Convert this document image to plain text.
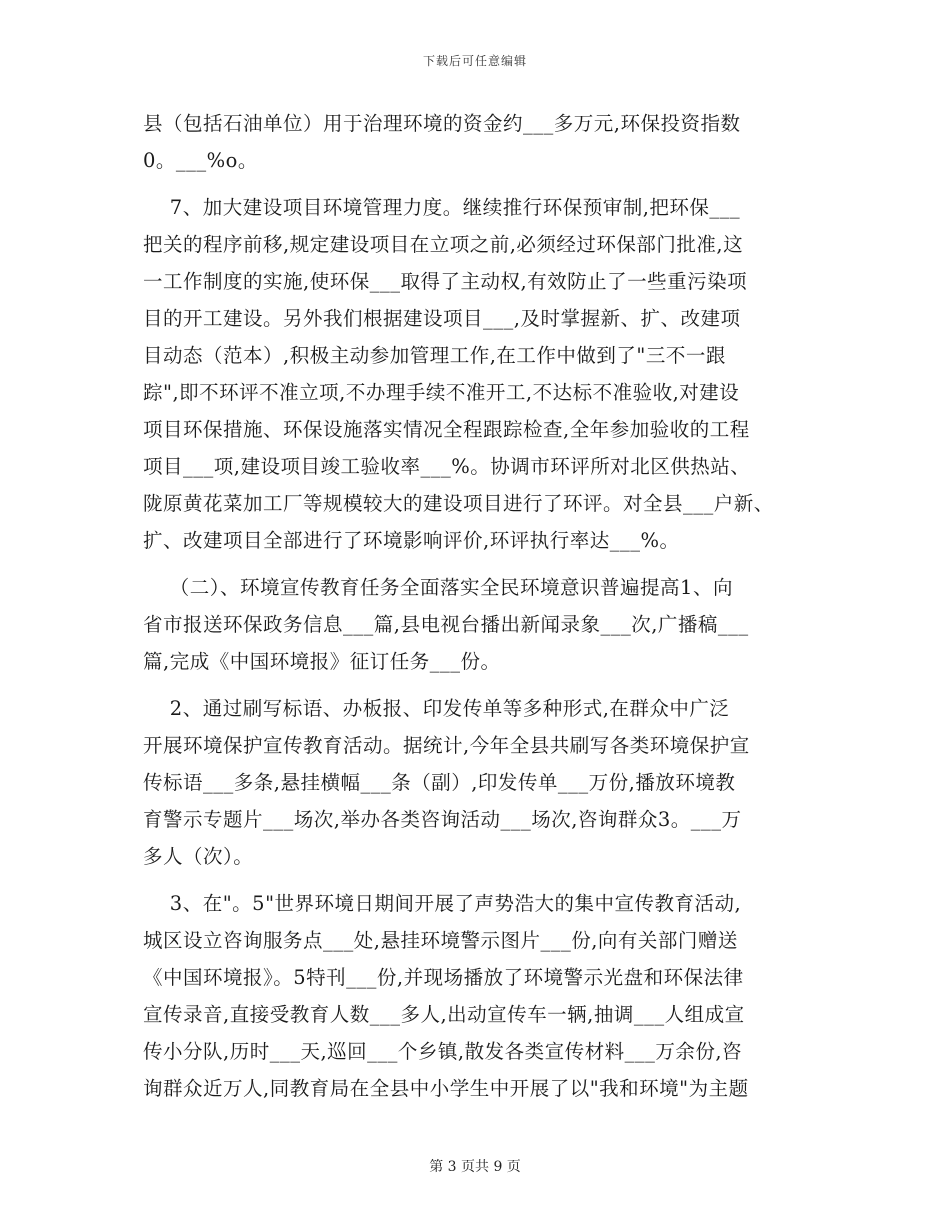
下载后可任意编辑
县（包括石油单位）用于治理环境的资金约___多万元,环保投资指数
0。___%o。
7、加大建设项目环境管理力度。继续推行环保预审制,把环保___
把关的程序前移,规定建设项目在立项之前,必须经过环保部门批准,这
一工作制度的实施,使环保___取得了主动权,有效防止了一些重污染项
目的开工建设。另外我们根据建设项目___,及时掌握新、扩、改建项
目动态（范本）,积极主动参加管理工作,在工作中做到了"三不一跟
踪",即不环评不准立项,不办理手续不准开工,不达标不准验收,对建设
项目环保措施、环保设施落实情况全程跟踪检查,全年参加验收的工程
项目___项,建设项目竣工验收率___%。协调市环评所对北区供热站、
陇原黄花菜加工厂等规模较大的建设项目进行了环评。对全县___户新、
扩、改建项目全部进行了环境影响评价,环评执行率达___%。
（二）、环境宣传教育任务全面落实全民环境意识普遍提高1、向
省市报送环保政务信息___篇,县电视台播出新闻录象___次,广播稿___
篇,完成《中国环境报》征订任务___份。
2、通过刷写标语、办板报、印发传单等多种形式,在群众中广泛
开展环境保护宣传教育活动。据统计,今年全县共刷写各类环境保护宣
传标语___多条,悬挂横幅___条（副）,印发传单___万份,播放环境教
育警示专题片___场次,举办各类咨询活动___场次,咨询群众3。___万
多人（次）。
3、在"。5"世界环境日期间开展了声势浩大的集中宣传教育活动,
城区设立咨询服务点___处,悬挂环境警示图片___份,向有关部门赠送
《中国环境报》。5特刊___份,并现场播放了环境警示光盘和环保法律
宣传录音,直接受教育人数___多人,出动宣传车一辆,抽调___人组成宣
传小分队,历时___天,巡回___个乡镇,散发各类宣传材料___万余份,咨
询群众近万人,同教育局在全县中小学生中开展了以"我和环境"为主题
第 3 页共 9 页
